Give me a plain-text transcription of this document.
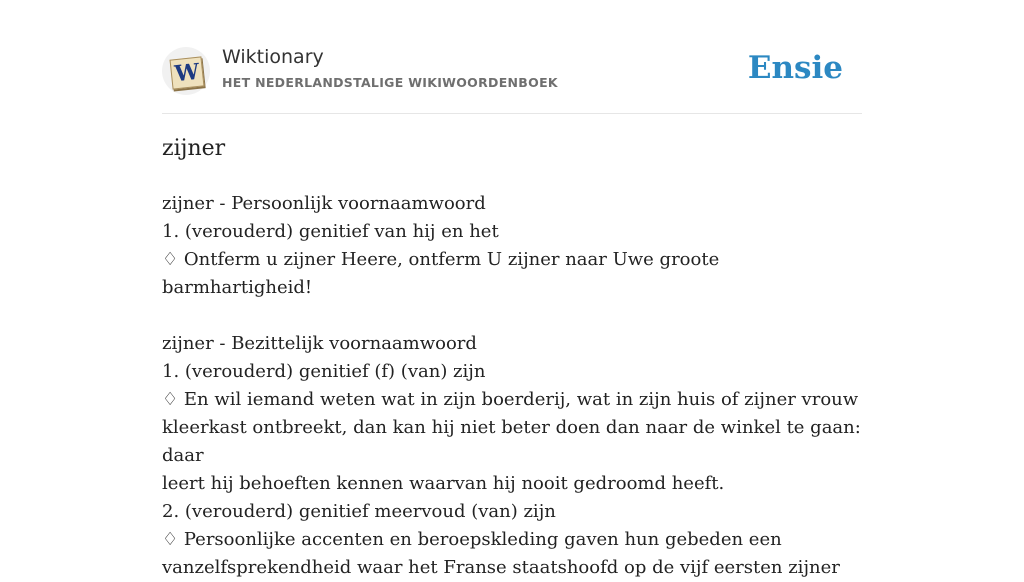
W
Wiktionary
HET NEDERLANDSTALIGE WIKIWOORDENBOEK	Ensie
zijner

zijner - Persoonlijk voornaamwoord

1. (verouderd) genitief van hij en het

♢ Ontferm u zijner Heere, ontferm U zijner naar Uwe groote barmhartigheid!

zijner - Bezittelijk voornaamwoord

1. (verouderd) genitief (f) (van) zijn

♢ En wil iemand weten wat in zijn boerderij, wat in zijn huis of zijner vrouw

kleerkast ontbreekt, dan kan hij niet beter doen dan naar de winkel te gaan: daar

leert hij behoeften kennen waarvan hij nooit gedroomd heeft.

2. (verouderd) genitief meervoud (van) zijn

♢ Persoonlijke accenten en beroepskleding gaven hun gebeden een

vanzelfsprekendheid waar het Franse staatshoofd op de vijf eersten zijner
